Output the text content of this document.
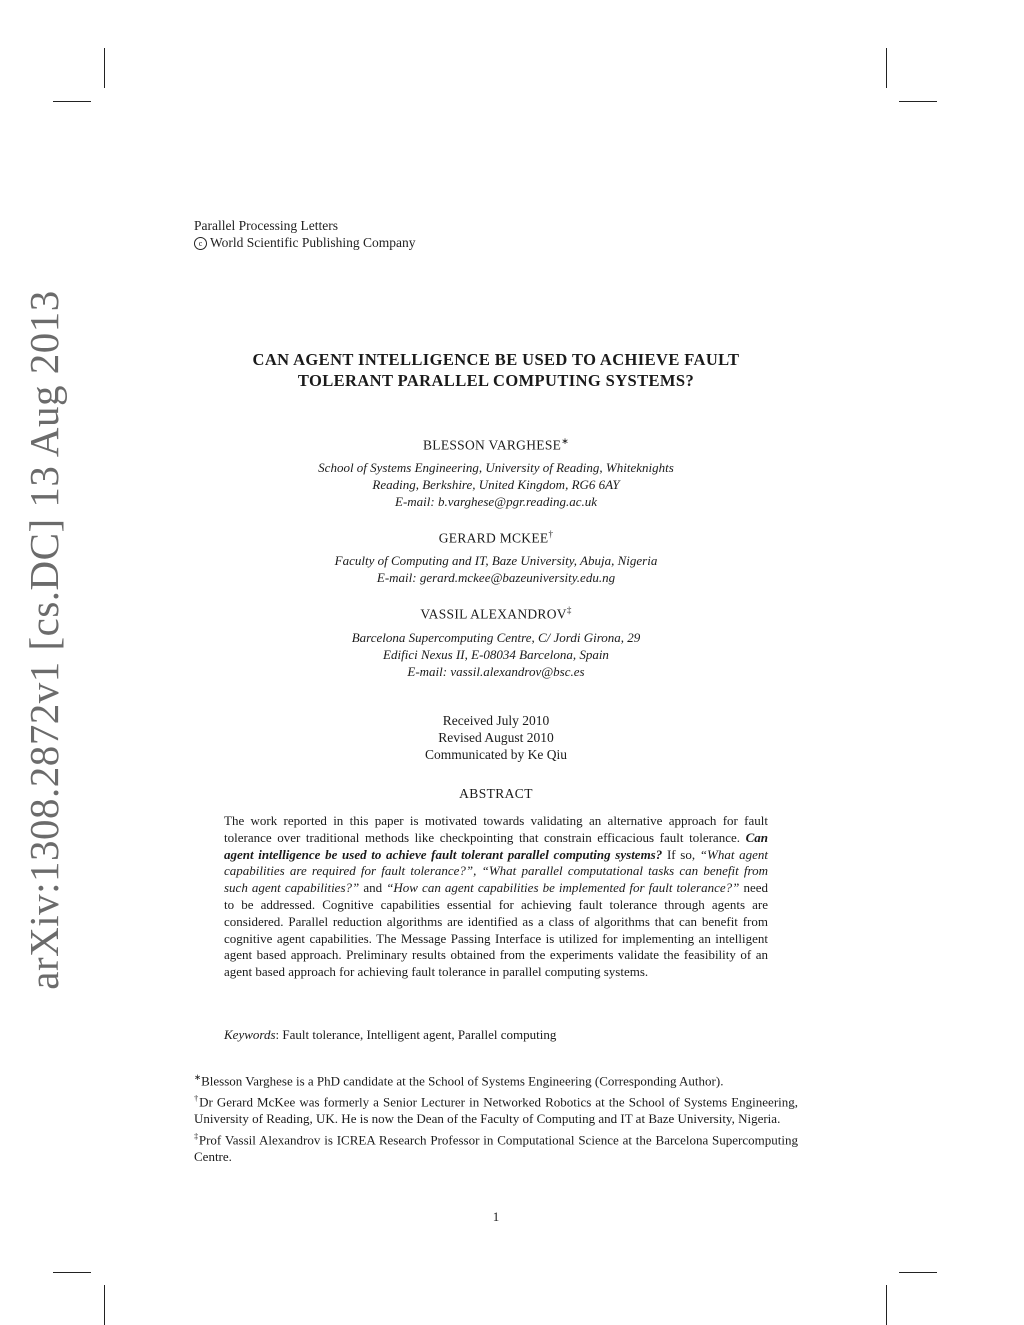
arXiv:1308.2872v1 [cs.DC] 13 Aug 2013
Parallel Processing Letters
c World Scientific Publishing Company
CAN AGENT INTELLIGENCE BE USED TO ACHIEVE FAULT
TOLERANT PARALLEL COMPUTING SYSTEMS?
BLESSON VARGHESE∗
School of Systems Engineering, University of Reading, Whiteknights
Reading, Berkshire, United Kingdom, RG6 6AY
E-mail: b.varghese@pgr.reading.ac.uk
GERARD MCKEE†
Faculty of Computing and IT, Baze University, Abuja, Nigeria
E-mail: gerard.mckee@bazeuniversity.edu.ng
VASSIL ALEXANDROV‡
Barcelona Supercomputing Centre, C/ Jordi Girona, 29
Edifici Nexus II, E-08034 Barcelona, Spain
E-mail: vassil.alexandrov@bsc.es
Received July 2010
Revised August 2010
Communicated by Ke Qiu
ABSTRACT
The work reported in this paper is motivated towards validating an alternative approach for fault tolerance over traditional methods like checkpointing that constrain efficacious fault tolerance. Can agent intelligence be used to achieve fault tolerant parallel computing systems? If so, “What agent capabilities are required for fault tolerance?”, “What parallel computational tasks can benefit from such agent capabilities?” and “How can agent capabilities be implemented for fault tolerance?” need to be addressed. Cognitive capabilities essential for achieving fault tolerance through agents are considered. Parallel reduction algorithms are identified as a class of algorithms that can benefit from cognitive agent capabilities. The Message Passing Interface is utilized for implementing an intelligent agent based approach. Preliminary results obtained from the experiments validate the feasibility of an agent based approach for achieving fault tolerance in parallel computing systems.
Keywords: Fault tolerance, Intelligent agent, Parallel computing

∗Blesson Varghese is a PhD candidate at the School of Systems Engineering (Corresponding Author).

†Dr Gerard McKee was formerly a Senior Lecturer in Networked Robotics at the School of Systems Engineering, University of Reading, UK. He is now the Dean of the Faculty of Computing and IT at Baze University, Nigeria.

‡Prof Vassil Alexandrov is ICREA Research Professor in Computational Science at the Barcelona Supercomputing Centre.

1
